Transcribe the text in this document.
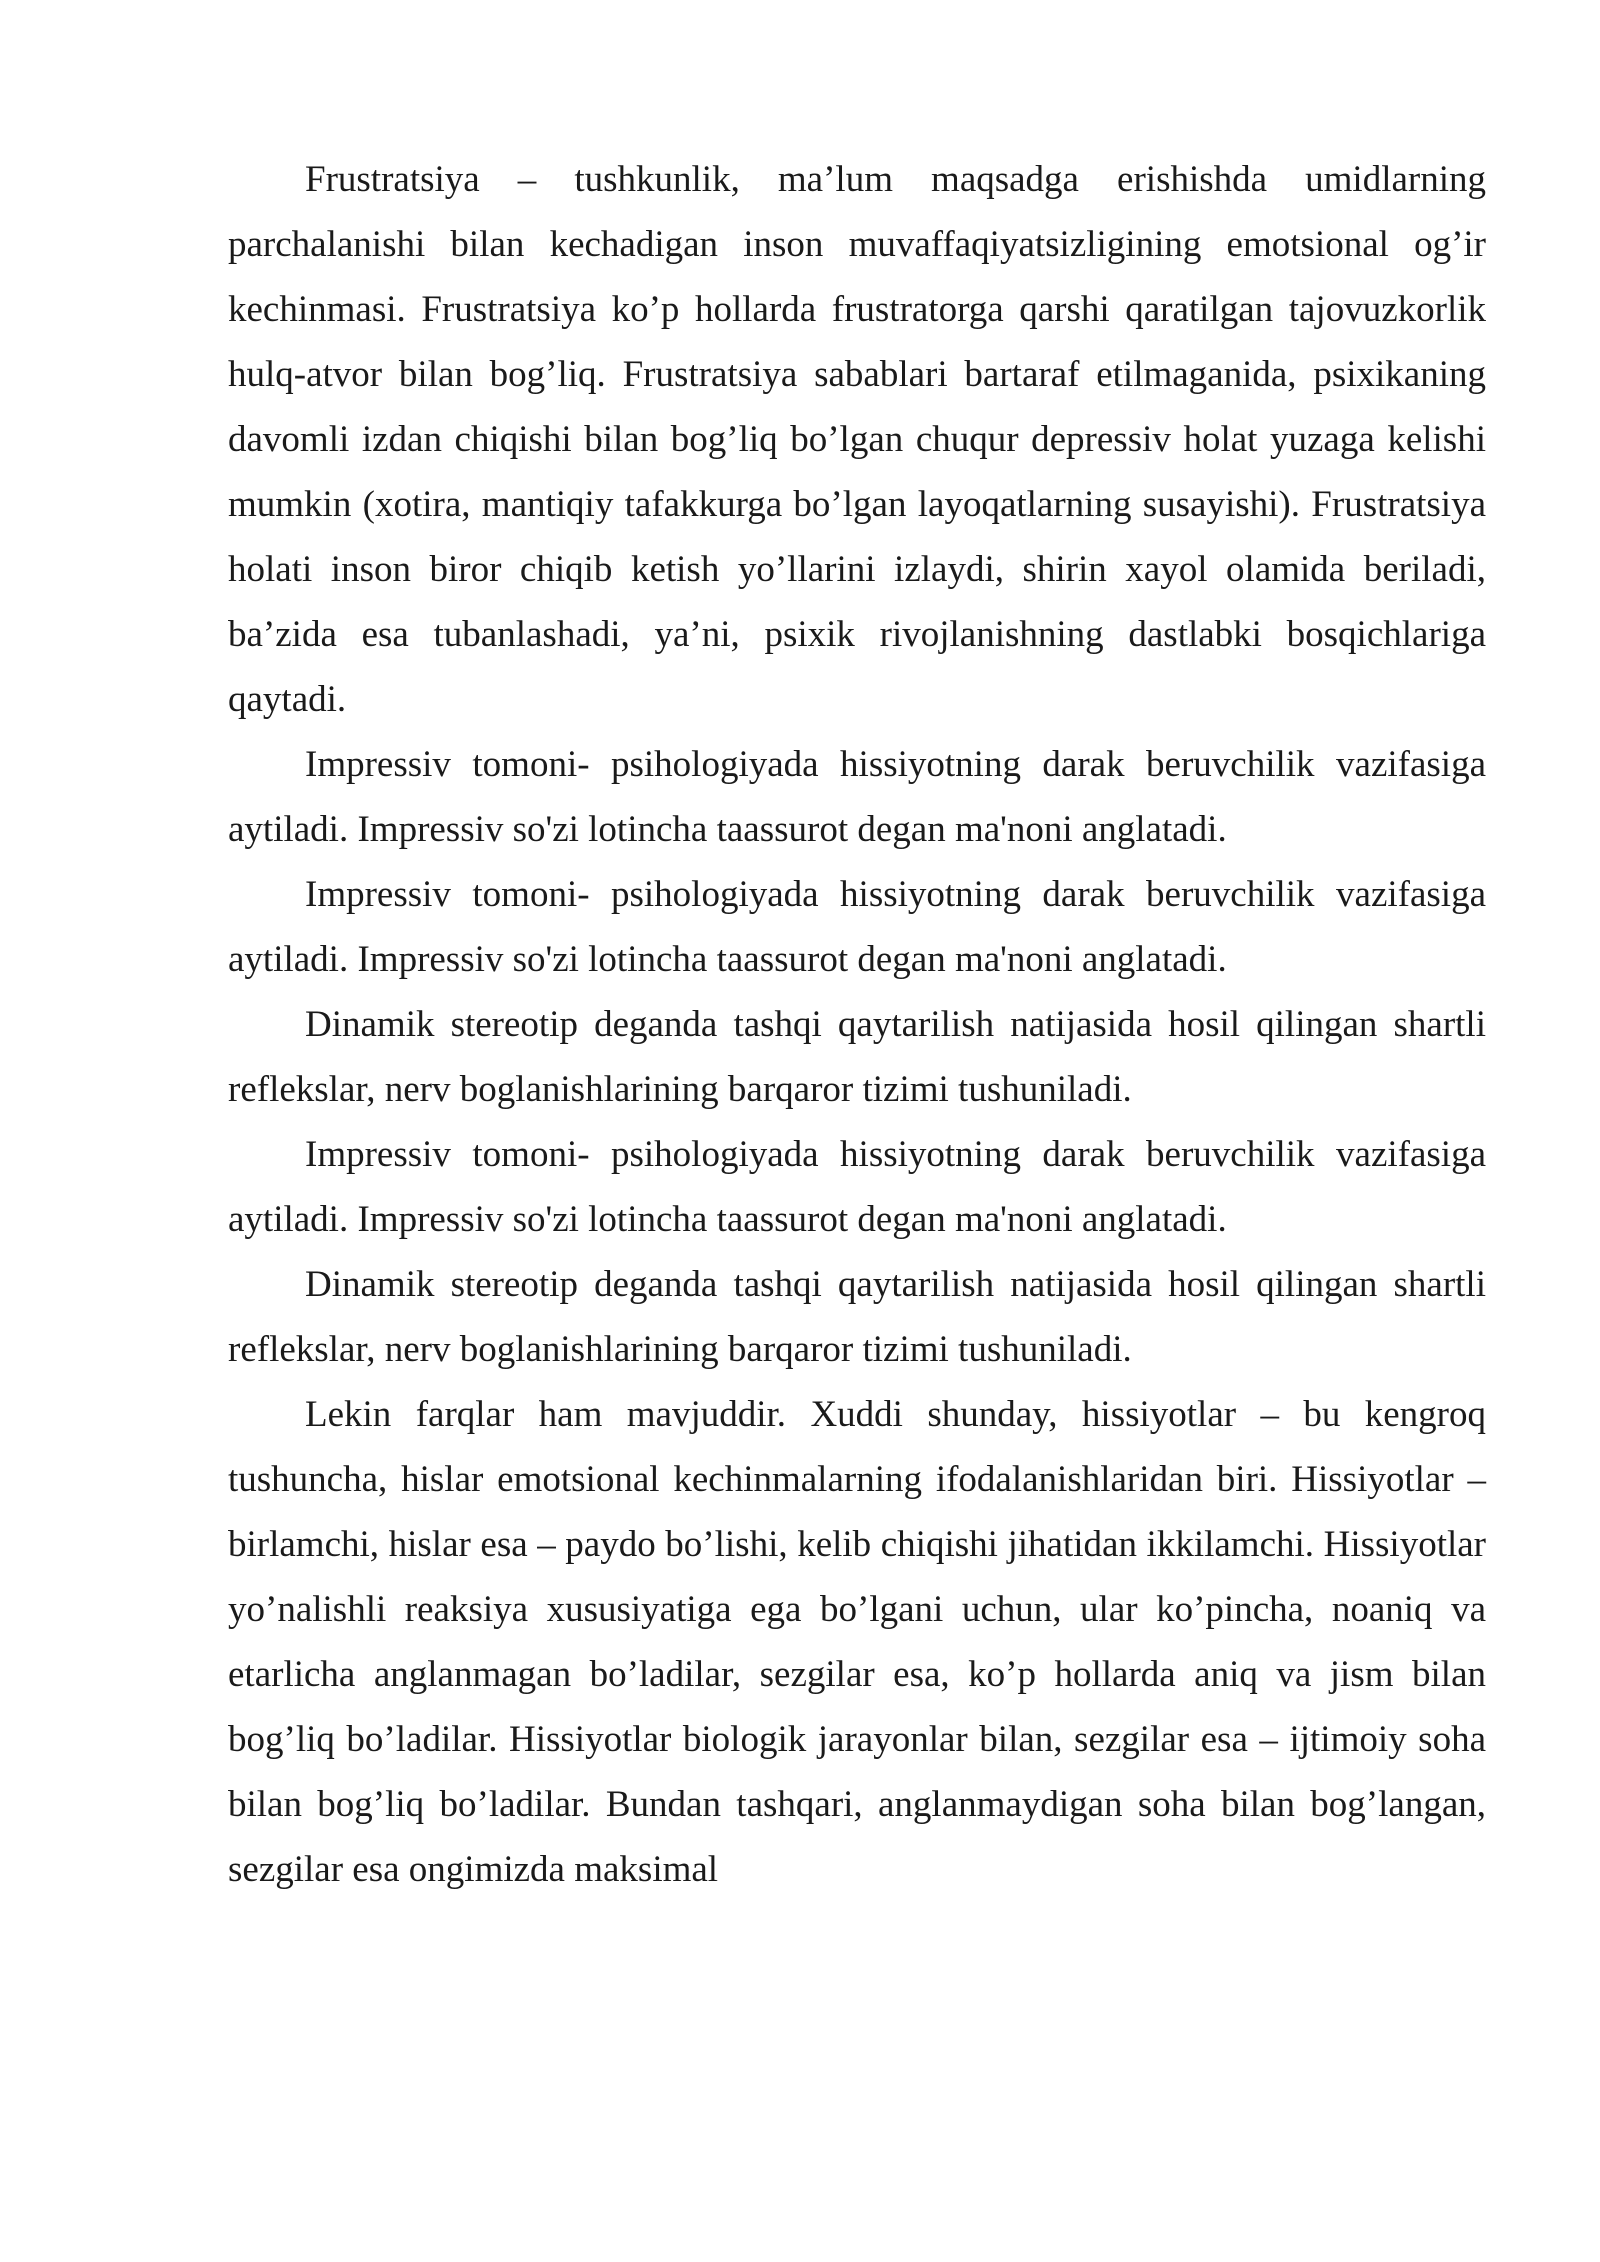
Frustratsiya – tushkunlik, ma’lum maqsadga erishishda umidlarning parchalanishi bilan kechadigan inson muvaffaqiyatsizligining emotsional og’ir kechinmasi. Frustratsiya ko’p hollarda frustratorga qarshi qaratilgan tajovuzkorlik hulq-atvor bilan bog’liq. Frustratsiya sabablari bartaraf etilmaganida, psixikaning davomli izdan chiqishi bilan bog’liq bo’lgan chuqur depressiv holat yuzaga kelishi mumkin (xotira, mantiqiy tafakkurga bo’lgan layoqatlarning susayishi). Frustratsiya holati inson biror chiqib ketish yo’llarini izlaydi, shirin xayol olamida beriladi, ba’zida esa tubanlashadi, ya’ni, psixik rivojlanishning dastlabki bosqichlariga qaytadi.

Impressiv tomoni- psihologiyada hissiyotning darak beruvchilik vazifasiga aytiladi. Impressiv so'zi lotincha taassurot degan ma'noni anglatadi.

Impressiv tomoni- psihologiyada hissiyotning darak beruvchilik vazifasiga aytiladi. Impressiv so'zi lotincha taassurot degan ma'noni anglatadi.

Dinamik stereotip deganda tashqi qaytarilish natijasida hosil qilingan shartli reflekslar, nerv boglanishlarining barqaror tizimi tushuniladi.

Impressiv tomoni- psihologiyada hissiyotning darak beruvchilik vazifasiga aytiladi. Impressiv so'zi lotincha taassurot degan ma'noni anglatadi.

Dinamik stereotip deganda tashqi qaytarilish natijasida hosil qilingan shartli reflekslar, nerv boglanishlarining barqaror tizimi tushuniladi.

Lekin farqlar ham mavjuddir. Xuddi shunday, hissiyotlar – bu kengroq tushuncha, hislar emotsional kechinmalarning ifodalanishlaridan biri. Hissiyotlar – birlamchi, hislar esa – paydo bo’lishi, kelib chiqishi jihatidan ikkilamchi. Hissiyotlar yo’nalishli reaksiya xususiyatiga ega bo’lgani uchun, ular ko’pincha, noaniq va etarlicha anglanmagan bo’ladilar, sezgilar esa, ko’p hollarda aniq va jism bilan bog’liq bo’ladilar. Hissiyotlar biologik jarayonlar bilan, sezgilar esa – ijtimoiy soha bilan bog’liq bo’ladilar. Bundan tashqari, anglanmaydigan soha bilan bog’langan, sezgilar esa ongimizda maksimal
